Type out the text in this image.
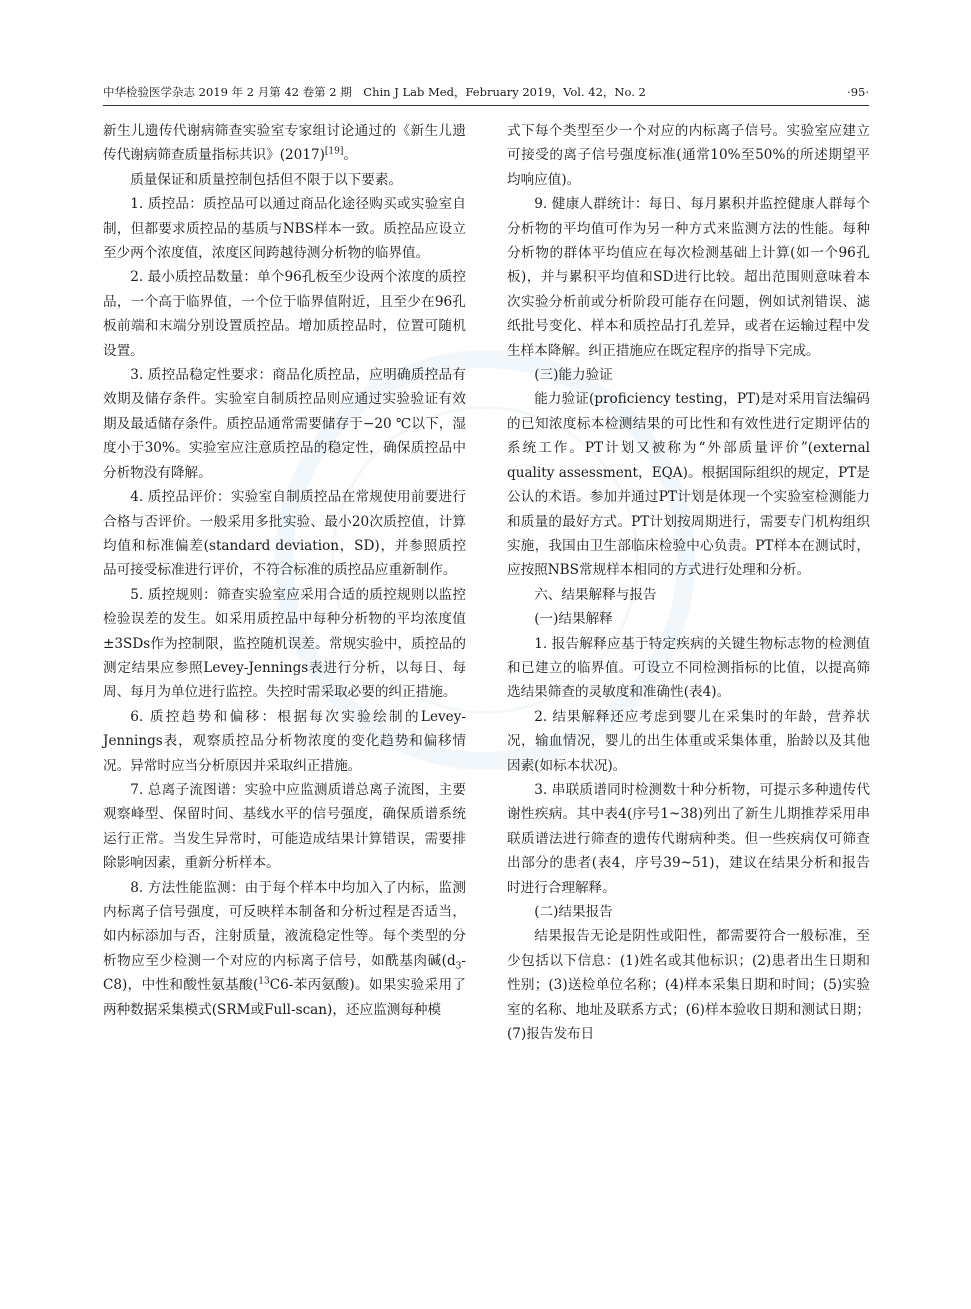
中华检验医学杂志 2019 年 2 月第 42 卷第 2 期　Chin J Lab Med，February 2019，Vol. 42，No. 2	·95·

新生儿遗传代谢病筛查实验室专家组讨论通过的《新生儿遗传代谢病筛查质量指标共识》(2017)[19]。

质量保证和质量控制包括但不限于以下要素。

1. 质控品：质控品可以通过商品化途径购买或实验室自制，但都要求质控品的基质与NBS样本一致。质控品应设立至少两个浓度值，浓度区间跨越待测分析物的临界值。

2. 最小质控品数量：单个96孔板至少设两个浓度的质控品，一个高于临界值，一个位于临界值附近，且至少在96孔板前端和末端分别设置质控品。增加质控品时，位置可随机设置。

3. 质控品稳定性要求：商品化质控品，应明确质控品有效期及储存条件。实验室自制质控品则应通过实验验证有效期及最适储存条件。质控品通常需要储存于−20 ℃以下，湿度小于30%。实验室应注意质控品的稳定性，确保质控品中分析物没有降解。

4. 质控品评价：实验室自制质控品在常规使用前要进行合格与否评价。一般采用多批实验、最小20次质控值，计算均值和标准偏差(standard deviation，SD)，并参照质控品可接受标准进行评价，不符合标准的质控品应重新制作。

5. 质控规则：筛查实验室应采用合适的质控规则以监控检验误差的发生。如采用质控品中每种分析物的平均浓度值±3SDs作为控制限，监控随机误差。常规实验中，质控品的测定结果应参照Levey-Jennings表进行分析，以每日、每周、每月为单位进行监控。失控时需采取必要的纠正措施。

6. 质控趋势和偏移：根据每次实验绘制的Levey-Jennings表，观察质控品分析物浓度的变化趋势和偏移情况。异常时应当分析原因并采取纠正措施。

7. 总离子流图谱：实验中应监测质谱总离子流图，主要观察峰型、保留时间、基线水平的信号强度，确保质谱系统运行正常。当发生异常时，可能造成结果计算错误，需要排除影响因素，重新分析样本。

8. 方法性能监测：由于每个样本中均加入了内标，监测内标离子信号强度，可反映样本制备和分析过程是否适当，如内标添加与否，注射质量，液流稳定性等。每个类型的分析物应至少检测一个对应的内标离子信号，如酰基肉碱$(d_3-C8)$，中性和酸性氨基酸($^{13}$C6-苯丙氨酸)。如果实验采用了两种数据采集模式(SRM或Full-scan)，还应监测每种模

式下每个类型至少一个对应的内标离子信号。实验室应建立可接受的离子信号强度标准(通常10%至50%的所述期望平均响应值)。

9. 健康人群统计：每日、每月累积并监控健康人群每个分析物的平均值可作为另一种方式来监测方法的性能。每种分析物的群体平均值应在每次检测基础上计算(如一个96孔板)，并与累积平均值和SD进行比较。超出范围则意味着本次实验分析前或分析阶段可能存在问题，例如试剂错误、滤纸批号变化、样本和质控品打孔差异，或者在运输过程中发生样本降解。纠正措施应在既定程序的指导下完成。

(三)能力验证

能力验证(proficiency testing，PT)是对采用盲法编码的已知浓度标本检测结果的可比性和有效性进行定期评估的系统工作。PT计划又被称为“外部质量评价”(external quality assessment，EQA)。根据国际组织的规定，PT是公认的术语。参加并通过PT计划是体现一个实验室检测能力和质量的最好方式。PT计划按周期进行，需要专门机构组织实施，我国由卫生部临床检验中心负责。PT样本在测试时，应按照NBS常规样本相同的方式进行处理和分析。

六、结果解释与报告

(一)结果解释

1. 报告解释应基于特定疾病的关键生物标志物的检测值和已建立的临界值。可设立不同检测指标的比值，以提高筛选结果筛查的灵敏度和准确性(表4)。

2. 结果解释还应考虑到婴儿在采集时的年龄，营养状况，输血情况，婴儿的出生体重或采集体重，胎龄以及其他因素(如标本状况)。

3. 串联质谱同时检测数十种分析物，可提示多种遗传代谢性疾病。其中表4(序号1~38)列出了新生儿期推荐采用串联质谱法进行筛查的遗传代谢病种类。但一些疾病仅可筛查出部分的患者(表4，序号39~51)，建议在结果分析和报告时进行合理解释。

(二)结果报告

结果报告无论是阴性或阳性，都需要符合一般标准，至少包括以下信息：(1)姓名或其他标识；(2)患者出生日期和性别；(3)送检单位名称；(4)样本采集日期和时间；(5)实验室的名称、地址及联系方式；(6)样本验收日期和测试日期；(7)报告发布日
